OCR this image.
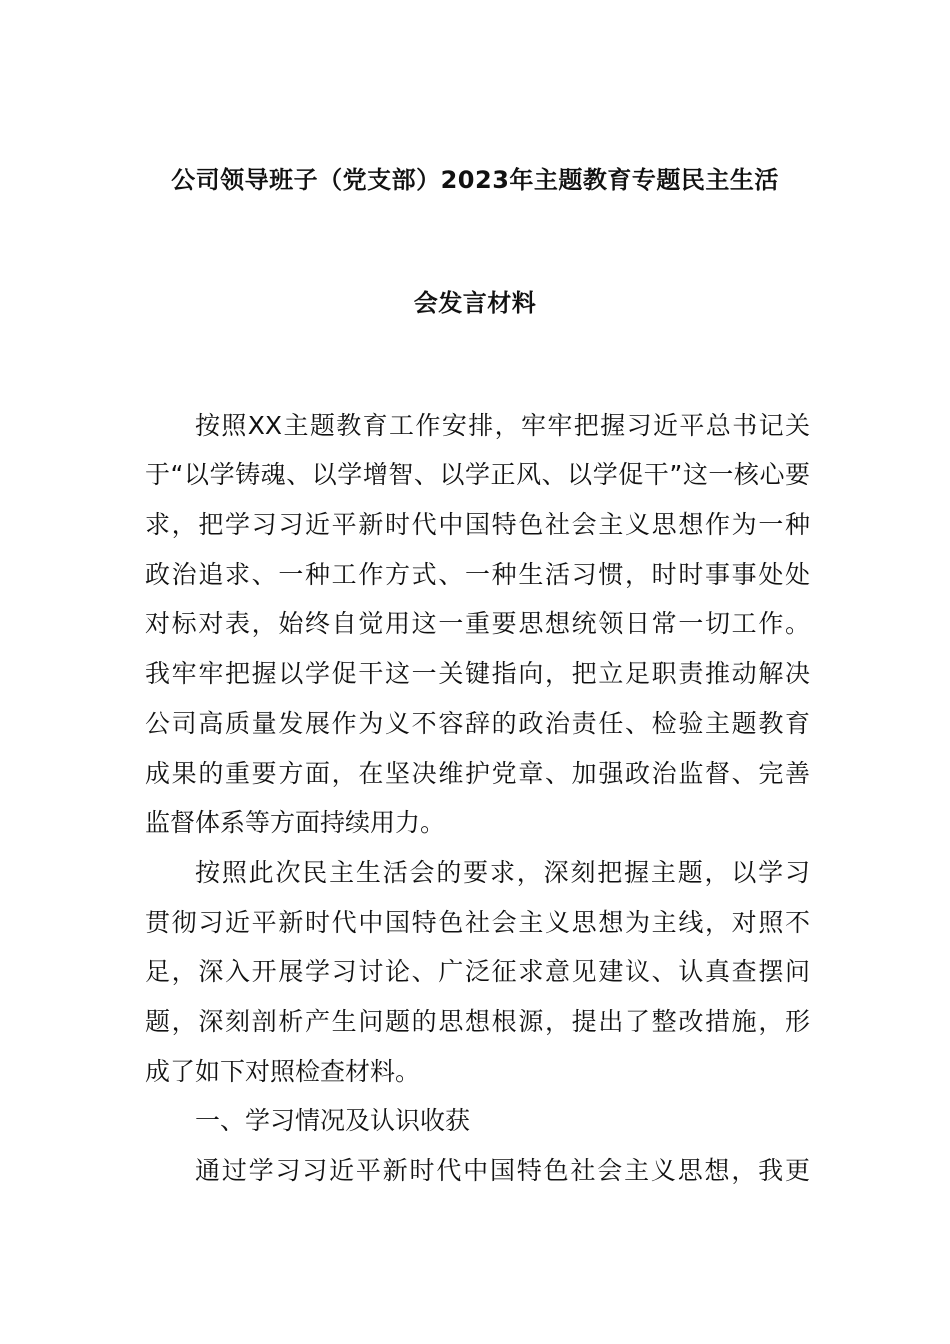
公司领导班子（党支部）2023年主题教育专题民主生活
会发言材料
按照XX主题教育工作安排，牢牢把握习近平总书记关
于“以学铸魂、以学增智、以学正风、以学促干”这一核心要
求，把学习习近平新时代中国特色社会主义思想作为一种
政治追求、一种工作方式、一种生活习惯，时时事事处处
对标对表，始终自觉用这一重要思想统领日常一切工作。
我牢牢把握以学促干这一关键指向，把立足职责推动解决
公司高质量发展作为义不容辞的政治责任、检验主题教育
成果的重要方面，在坚决维护党章、加强政治监督、完善
监督体系等方面持续用力。
按照此次民主生活会的要求，深刻把握主题，以学习
贯彻习近平新时代中国特色社会主义思想为主线，对照不
足，深入开展学习讨论、广泛征求意见建议、认真查摆问
题，深刻剖析产生问题的思想根源，提出了整改措施，形
成了如下对照检查材料。
一、学习情况及认识收获
通过学习习近平新时代中国特色社会主义思想，我更
